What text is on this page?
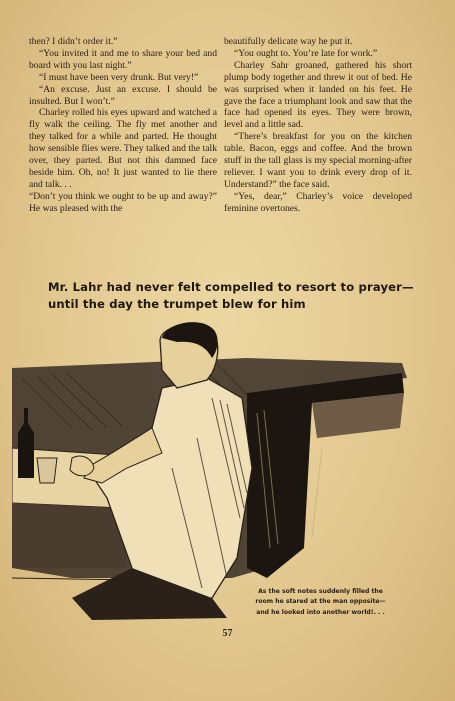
then? I didn’t order it.”

“You invited it and me to share your bed and board with you last night.”

“I must have been very drunk. But very!”

“An excuse. Just an excuse. I should be insulted. But I won’t.”

Charley rolled his eyes upward and watched a fly walk the ceiling. The fly met another and they talked for a while and parted. He thought how sensible flies were. They talked and the talk over, they parted. But not this damned face beside him. Oh, no! It just wanted to lie there and talk. . .

“Don’t you think we ought to be up and away?” He was pleased with the

beautifully delicate way he put it.

“You ought to. You’re late for work.”

Charley Sahr groaned, gathered his short plump body together and threw it out of bed. He was surprised when it landed on his feet. He gave the face a triumphant look and saw that the face had opened its eyes. They were brown, level and a little sad.

“There’s breakfast for you on the kitchen table. Bacon, eggs and coffee. And the brown stuff in the tall glass is my special morning-after reliever. I want you to drink every drop of it. Understand?” the face said.

“Yes, dear,” Charley’s voice developed feminine overtones.

Mr. Lahr had never felt compelled to resort to prayer—until the day the trumpet blew for him
As the soft notes suddenly filled the room he stared at the man opposite—and he looked into another world!. . .
57
